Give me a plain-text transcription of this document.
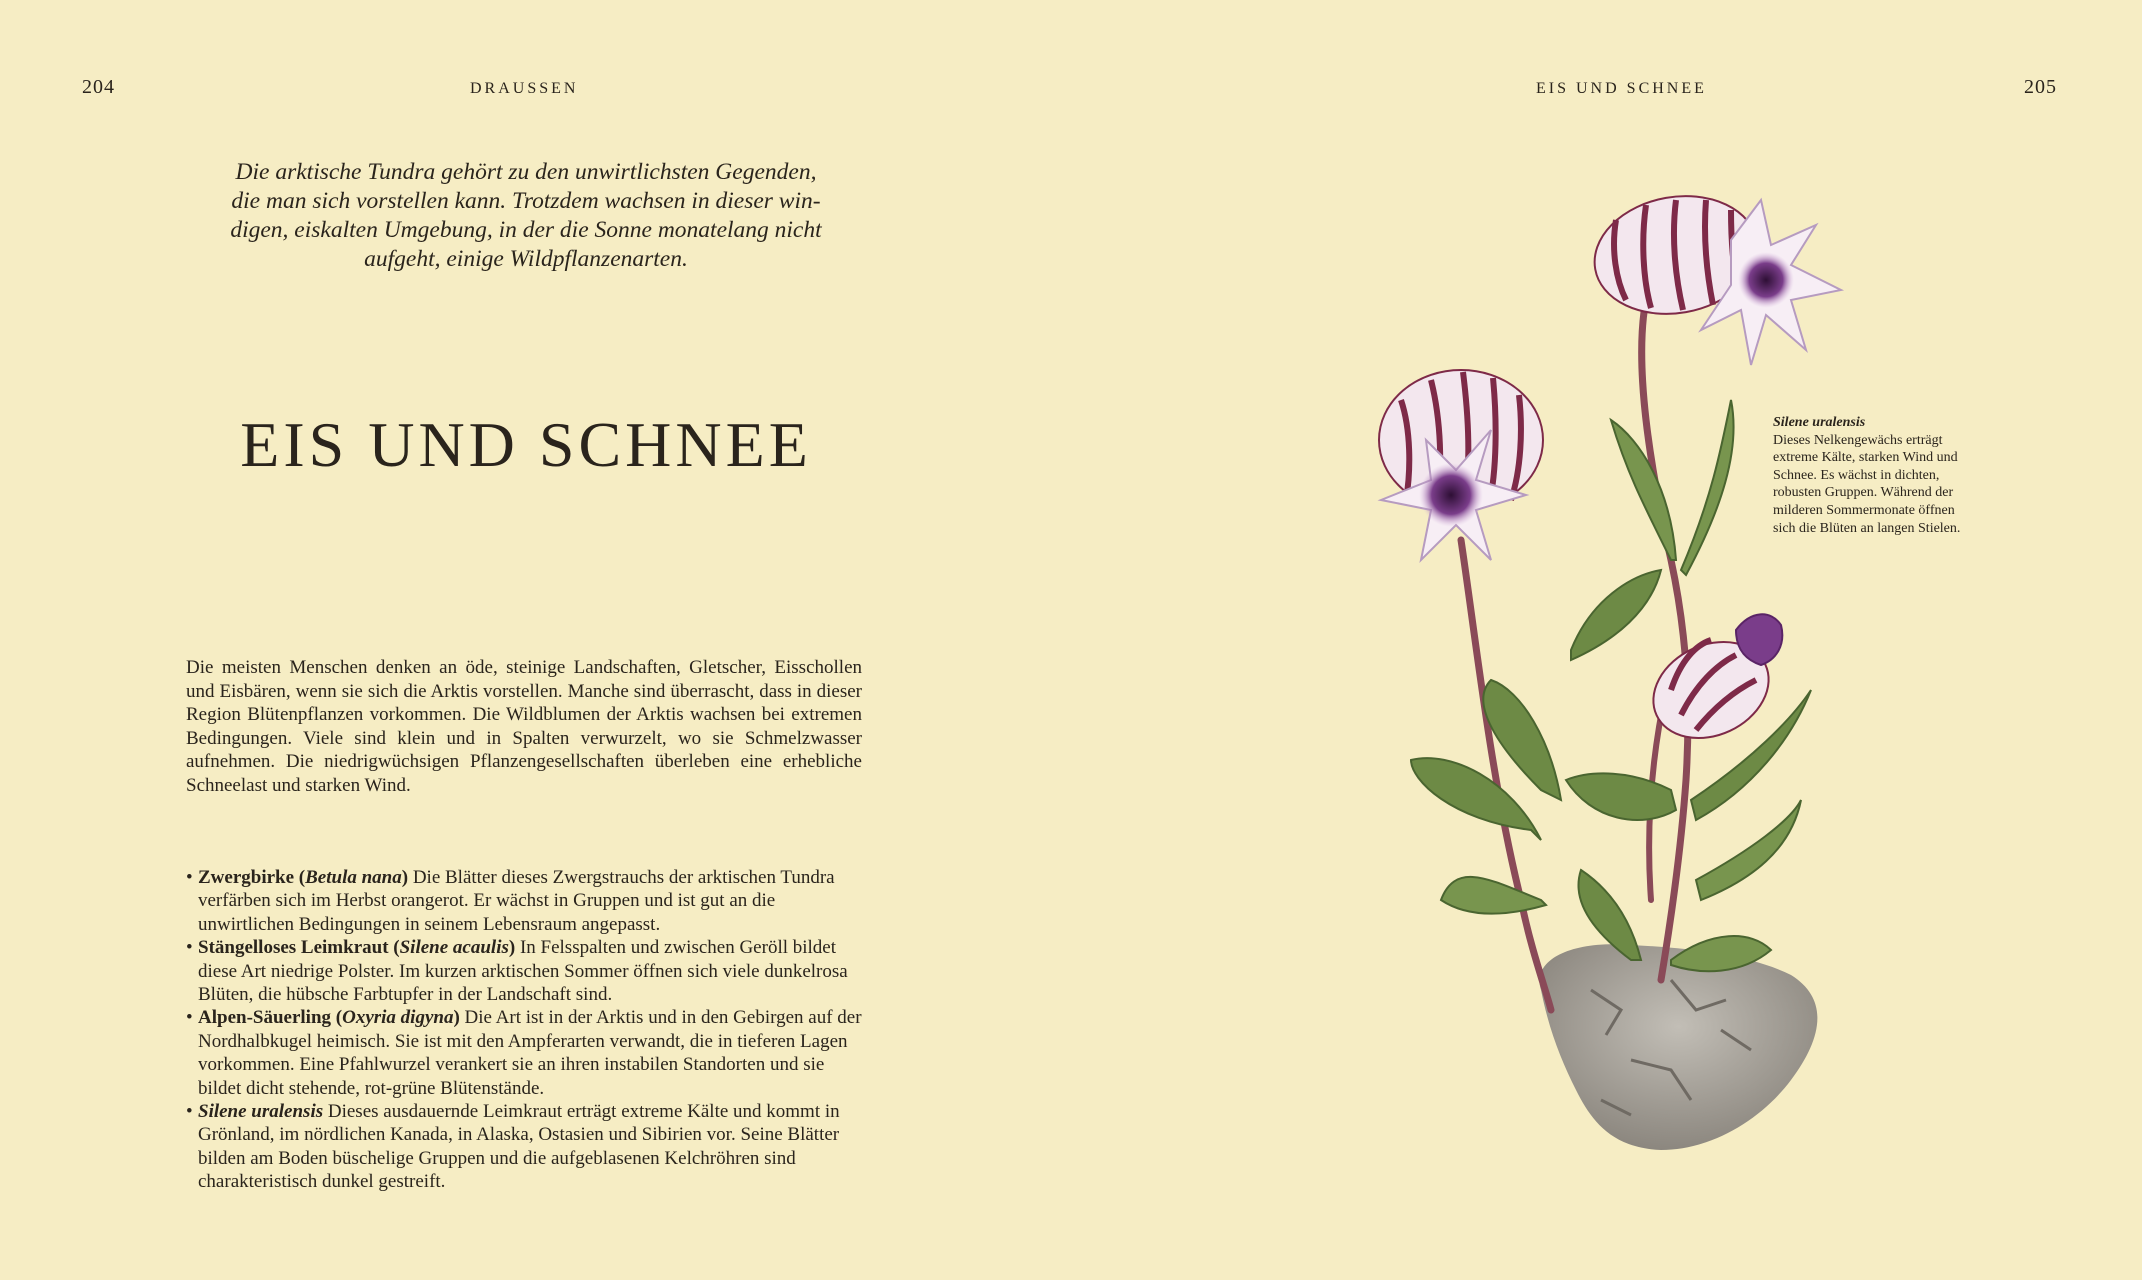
204	DRAUSSEN

Die arktische Tundra gehört zu den unwirtlichsten Gegenden,

die man sich vorstellen kann. Trotzdem wachsen in dieser win-

digen, eiskalten Umgebung, in der die Sonne monatelang nicht

aufgeht, einige Wildpflanzenarten.

EIS UND SCHNEE

Die meisten Menschen denken an öde, steinige Landschaften, Gletscher, Eisschollen und Eisbären, wenn sie sich die Arktis vorstellen. Manche sind überrascht, dass in dieser Region Blütenpflanzen vorkommen. Die Wildblumen der Arktis wachsen bei extremen Bedingungen. Viele sind klein und in Spalten verwurzelt, wo sie Schmelzwasser aufnehmen. Die niedrigwüchsigen Pflanzengesellschaften überleben eine erhebliche Schneelast und starken Wind.

• Zwergbirke (Betula nana) Die Blätter dieses Zwergstrauchs der arktischen Tundra verfärben sich im Herbst orangerot. Er wächst in Gruppen und ist gut an die unwirtlichen Bedingungen in seinem Lebensraum angepasst.
• Stängelloses Leimkraut (Silene acaulis) In Felsspalten und zwischen Geröll bildet diese Art niedrige Polster. Im kurzen arktischen Sommer öffnen sich viele dunkelrosa Blüten, die hübsche Farbtupfer in der Landschaft sind.
• Alpen-Säuerling (Oxyria digyna) Die Art ist in der Arktis und in den Gebirgen auf der Nordhalbkugel heimisch. Sie ist mit den Ampferarten verwandt, die in tieferen Lagen vorkommen. Eine Pfahlwurzel verankert sie an ihren instabilen Standorten und sie bildet dicht stehende, rot-grüne Blütenstände.
• Silene uralensis Dieses ausdauernde Leimkraut erträgt extreme Kälte und kommt in Grönland, im nördlichen Kanada, in Alaska, Ostasien und Sibirien vor. Seine Blätter bilden am Boden büschelige Gruppen und die aufgeblasenen Kelchröhren sind charakteristisch dunkel gestreift.
EIS UND SCHNEE	205
Silene uralensis
Dieses Nelkengewächs erträgt
extreme Kälte, starken Wind und
Schnee. Es wächst in dichten,
robusten Gruppen. Während der
milderen Sommermonate öffnen
sich die Blüten an langen Stielen.
